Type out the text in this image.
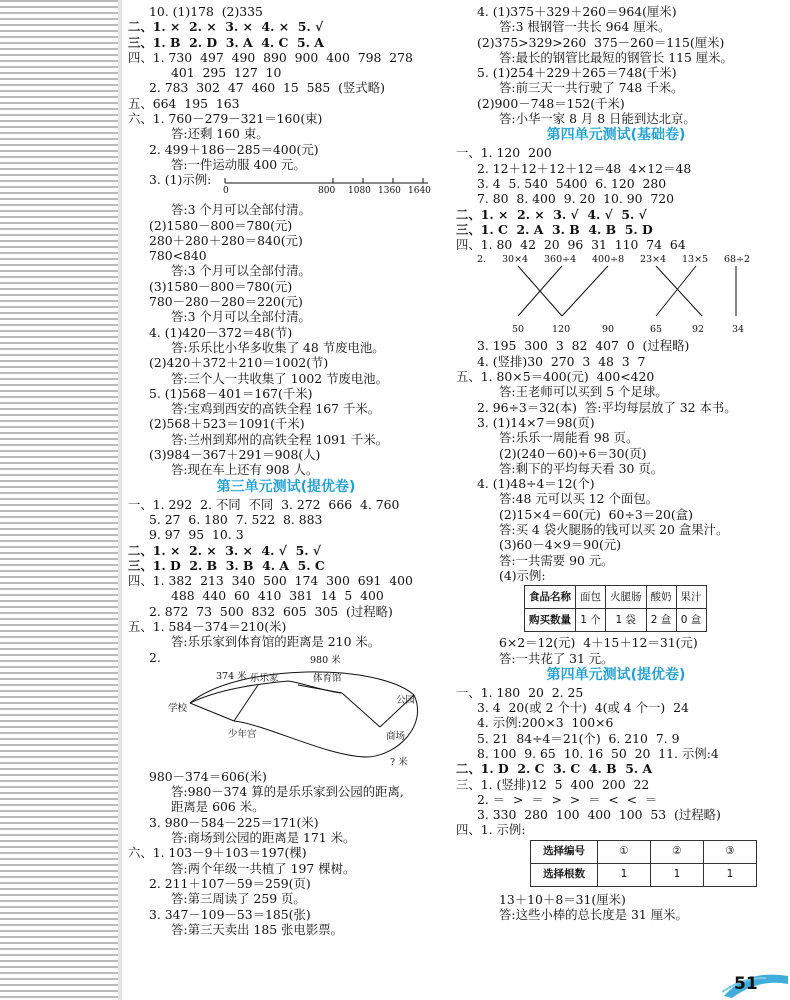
10. (1)178  (2)335
二、1. ×  2. ×  3. ×  4. ×  5. √
三、1. B  2. D  3. A  4. C  5. A
四、1. 730  497  490  890  900  400  798  278
401  295  127  10
2. 783  302  47  460  15  585  (竖式略)
五、664  195  163
六、1. 760－279－321＝160(束)
答:还剩 160 束。
2. 499＋186－285＝400(元)
答:一件运动服 400 元。
3. (1)示例:
0	800 1080 1360 1640
答:3 个月可以全部付清。
(2)1580－800＝780(元)
280＋280＋280＝840(元)
780<840
答:3 个月可以全部付清。
(3)1580－800＝780(元)
780－280－280＝220(元)
答:3 个月可以全部付清。
4. (1)420－372＝48(节)
答:乐乐比小华多收集了 48 节废电池。
(2)420＋372＋210＝1002(节)
答:三个人一共收集了 1002 节废电池。
5. (1)568－401＝167(千米)
答:宝鸡到西安的高铁全程 167 千米。
(2)568＋523＝1091(千米)
答:兰州到郑州的高铁全程 1091 千米。
(3)984－367＋291＝908(人)
答:现在车上还有 908 人。
第三单元测试(提优卷)
一、1. 292  2. 不同  不同  3. 272  666  4. 760
5. 27  6. 180  7. 522  8. 883
9. 97  95  10. 3
二、1. ×  2. ×  3. ×  4. √  5. √
三、1. D  2. B  3. B  4. A  5. C
四、1. 382  213  340  500  174  300  691  400
488  440  60  410  381  14  5  400
2. 872  73  500  832  605  305  (过程略)
五、1. 584－374＝210(米)
答:乐乐家到体育馆的距离是 210 米。
2.	980 米
374 米 乐乐家	体育馆
学校
公园
少年宫	商场
? 米
980－374＝606(米)
答:980－374 算的是乐乐家到公园的距离,
距离是 606 米。
3. 980－584－225＝171(米)
答:商场到公园的距离是 171 米。
六、1. 103－9＋103＝197(棵)
答:两个年级一共植了 197 棵树。
2. 211＋107－59＝259(页)
答:第三周读了 259 页。
3. 347－109－53＝185(张)
答:第三天卖出 185 张电影票。
4. (1)375＋329＋260＝964(厘米)
答:3 根钢管一共长 964 厘米。
(2)375>329>260  375－260＝115(厘米)
答:最长的钢管比最短的钢管长 115 厘米。
5. (1)254＋229＋265＝748(千米)
答:前三天一共行驶了 748 千米。
(2)900－748＝152(千米)
答:小华一家 8 月 8 日能到达北京。
第四单元测试(基础卷)
一、1. 120  200
2. 12＋12＋12＋12＝48  4×12＝48
3. 4  5. 540  5400  6. 120  280
7. 80  8. 400  9. 20  10. 90  720
二、1. ×  2. ×  3. √  4. √  5. √
三、1. C  2. A  3. B  4. B  5. D
四、1. 80  42  20  96  31  110  74  64
2. 30×4 360÷4 400÷8 23×4 13×5 68÷2
50	120	90	65	92	34
3. 195  300  3  82  407  0  (过程略)
4. (竖排)30  270  3  48  3  7
五、1. 80×5＝400(元)  400<420
答:王老师可以买到 5 个足球。
2. 96÷3＝32(本)  答:平均每层放了 32 本书。
3. (1)14×7＝98(页)
答:乐乐一周能看 98 页。
(2)(240－60)÷6＝30(页)
答:剩下的平均每天看 30 页。
4. (1)48÷4＝12(个)
答:48 元可以买 12 个面包。
(2)15×4＝60(元)  60÷3＝20(盒)
答:买 4 袋火腿肠的钱可以买 20 盒果汁。
(3)60－4×9＝90(元)
答:一共需要 90 元。
(4)示例:
食品名称	面包	火腿肠	酸奶	果汁
购买数量	1 个	1 袋	2 盒	0 盒
6×2＝12(元)  4＋15＋12＝31(元)
答:一共花了 31 元。
第四单元测试(提优卷)
一、1. 180  20  2. 25
3. 4  20(或 2 个十)  4(或 4 个一)  24
4. 示例:200×3  100×6
5. 21  84÷4＝21(个)  6. 210  7. 9
8. 100  9. 65  10. 16  50  20  11. 示例:4
二、1. D  2. C  3. C  4. B  5. A
三、1. (竖排)12  5  400  200  22
2. ＝  >  ＝  >  >  ＝  <  <  ＝
3. 330  280  100  400  100  53  (过程略)
四、1. 示例:
选择编号	①	②	③
选择根数	1	1	1
13＋10＋8＝31(厘米)
答:这些小棒的总长度是 31 厘米。
51
